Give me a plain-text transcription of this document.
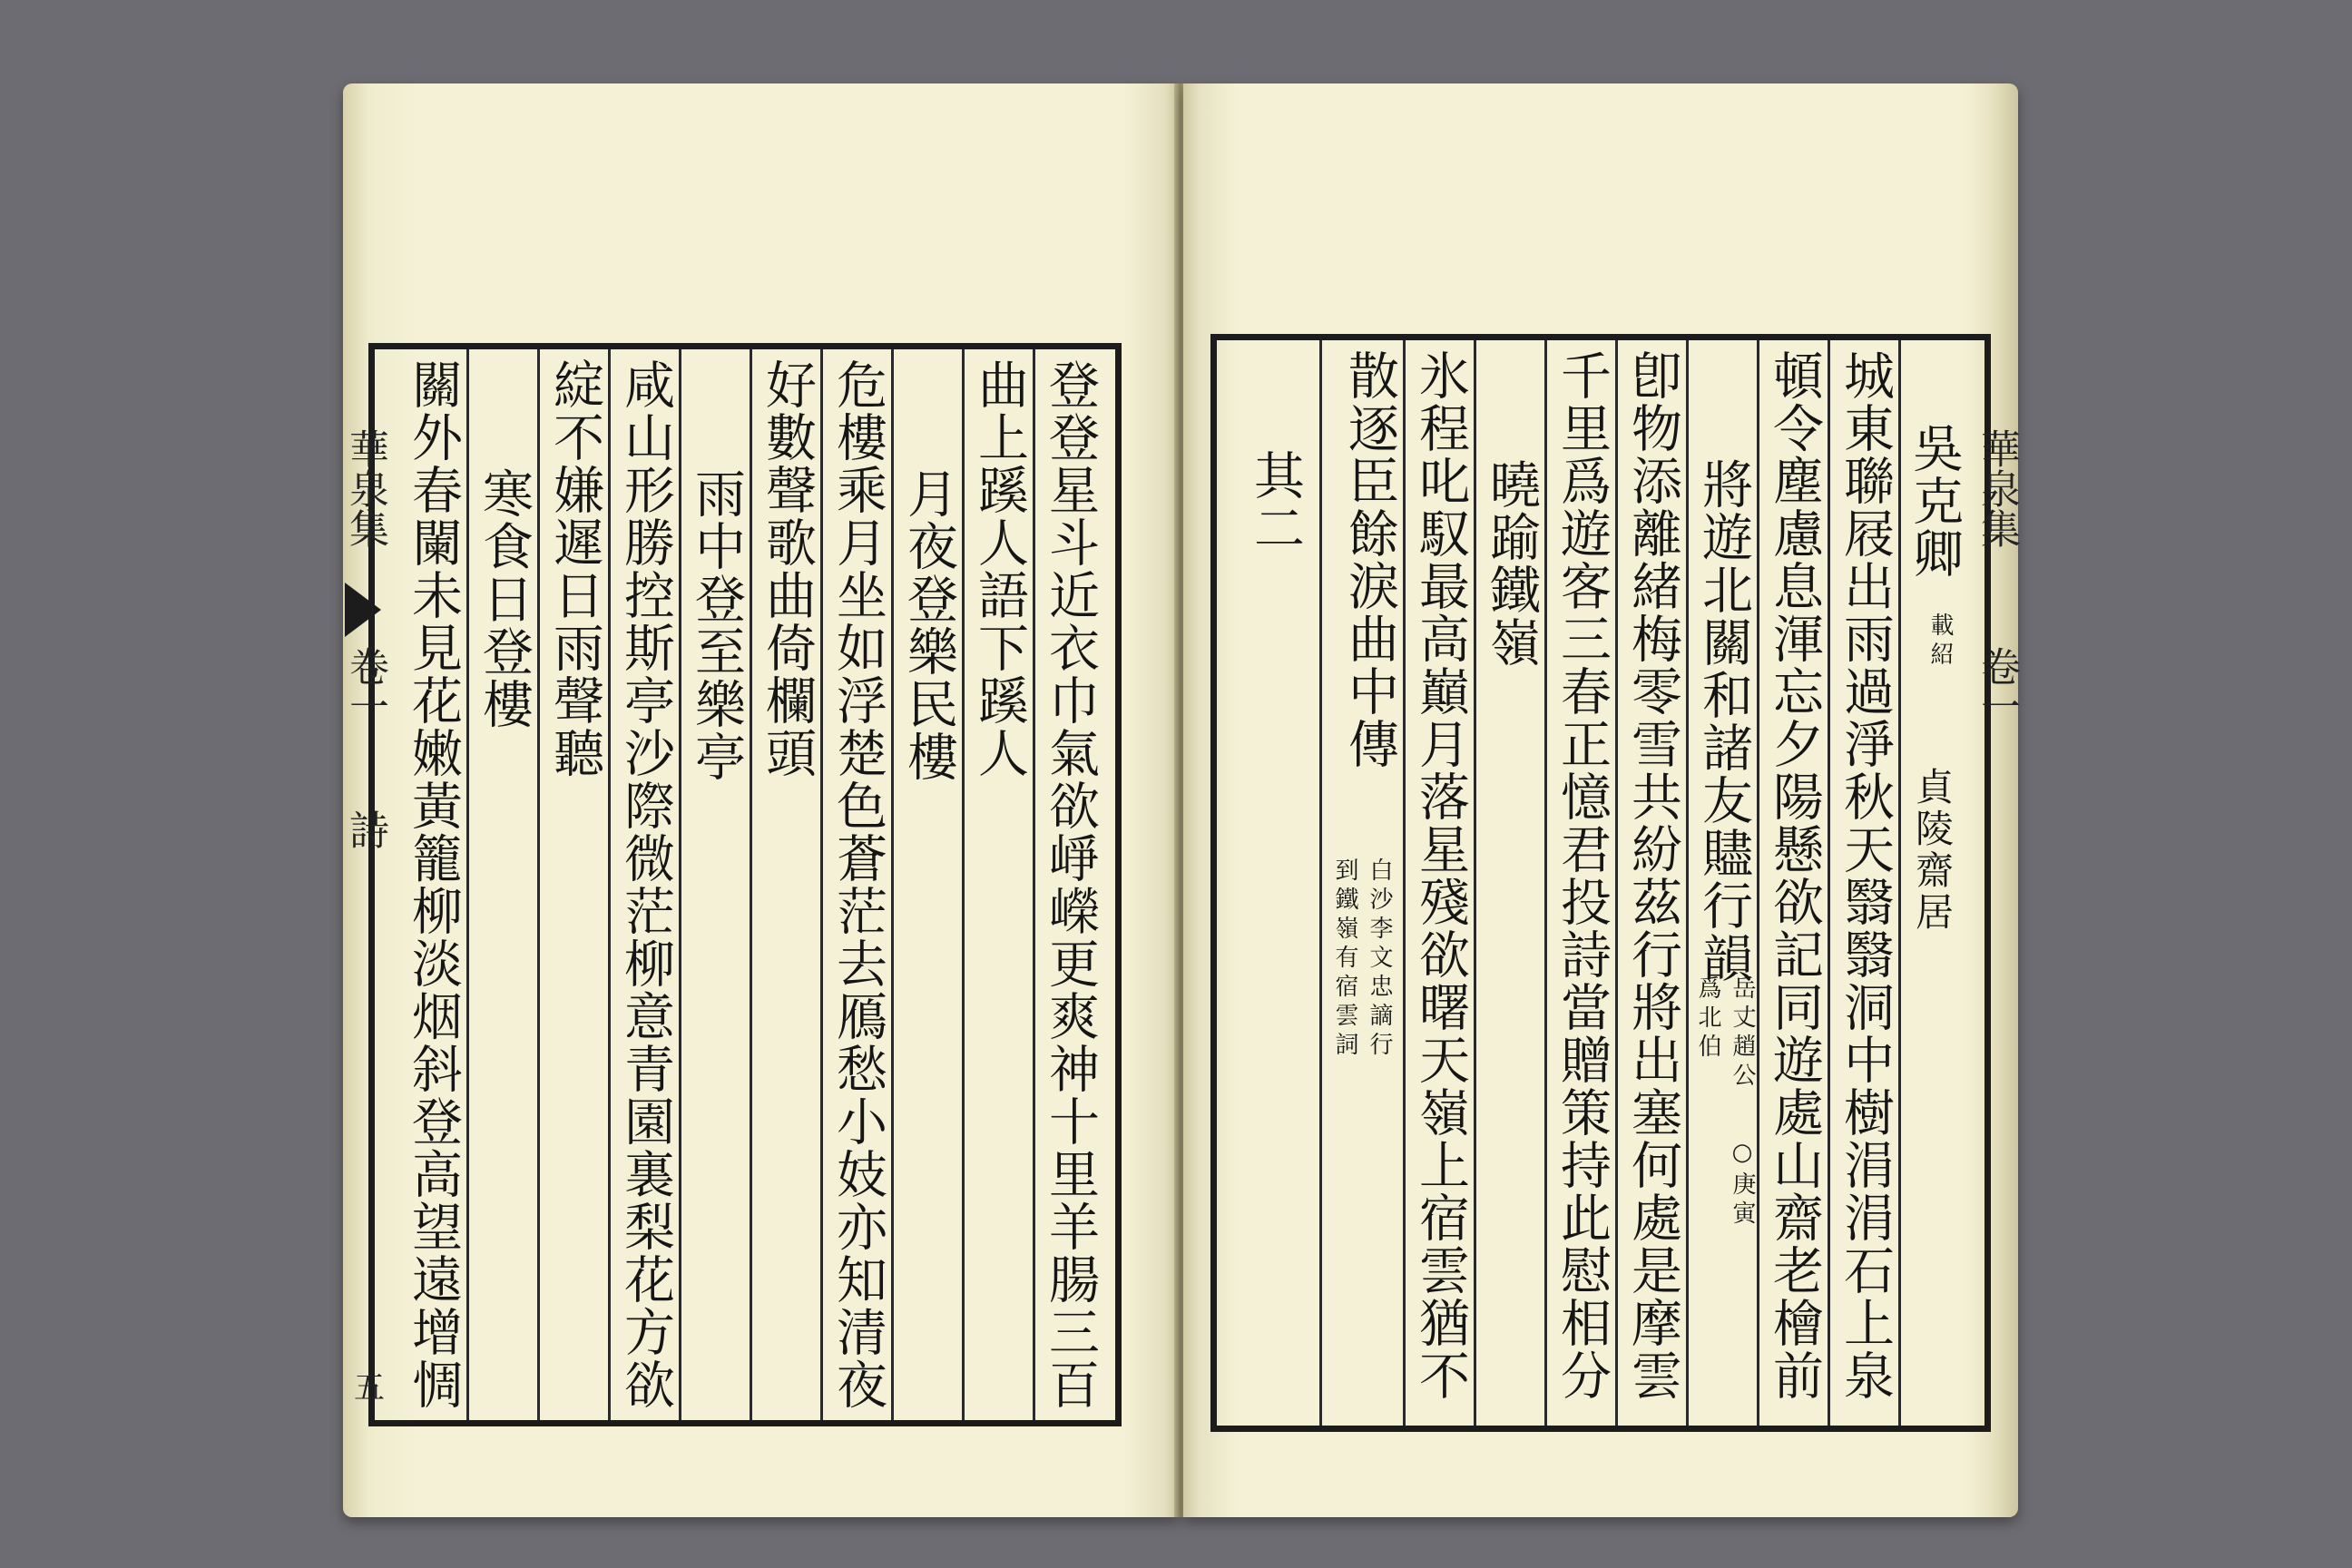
登登星斗近衣巾氣欲崢嶸更爽神十里羊腸三百
曲上蹊人語下蹊人
月夜登樂民樓
危樓乘月坐如浮楚色蒼茫去鴈愁小妓亦知清夜
好數聲歌曲倚欄頭
雨中登至樂亭
咸山形勝控斯亭沙際微茫柳意青園裏梨花方欲
綻不嫌遲日雨聲聽
寒食日登樓
關外春闌未見花嫩黃籠柳淡烟斜登高望遠增惆
華泉集
卷一
詩
五
吳克卿
載紹
貞陵齋居
城東聯屐出雨過淨秋天翳翳洞中樹涓涓石上泉
頓令塵慮息渾忘夕陽懸欲記同遊處山齋老檜前
將遊北關和諸友贐行韻
岳丈趙公
爲北伯
○庚寅
卽物添離緒梅零雪共紛茲行將出塞何處是摩雲
千里爲遊客三春正憶君投詩當贈策持此慰相分
曉踰鐵嶺
氷程叱馭最高巔月落星殘欲曙天嶺上宿雲猶不
散逐臣餘淚曲中傳
白沙李文忠謫行
到鐵嶺有宿雲詞
其二	華泉集
卷一
